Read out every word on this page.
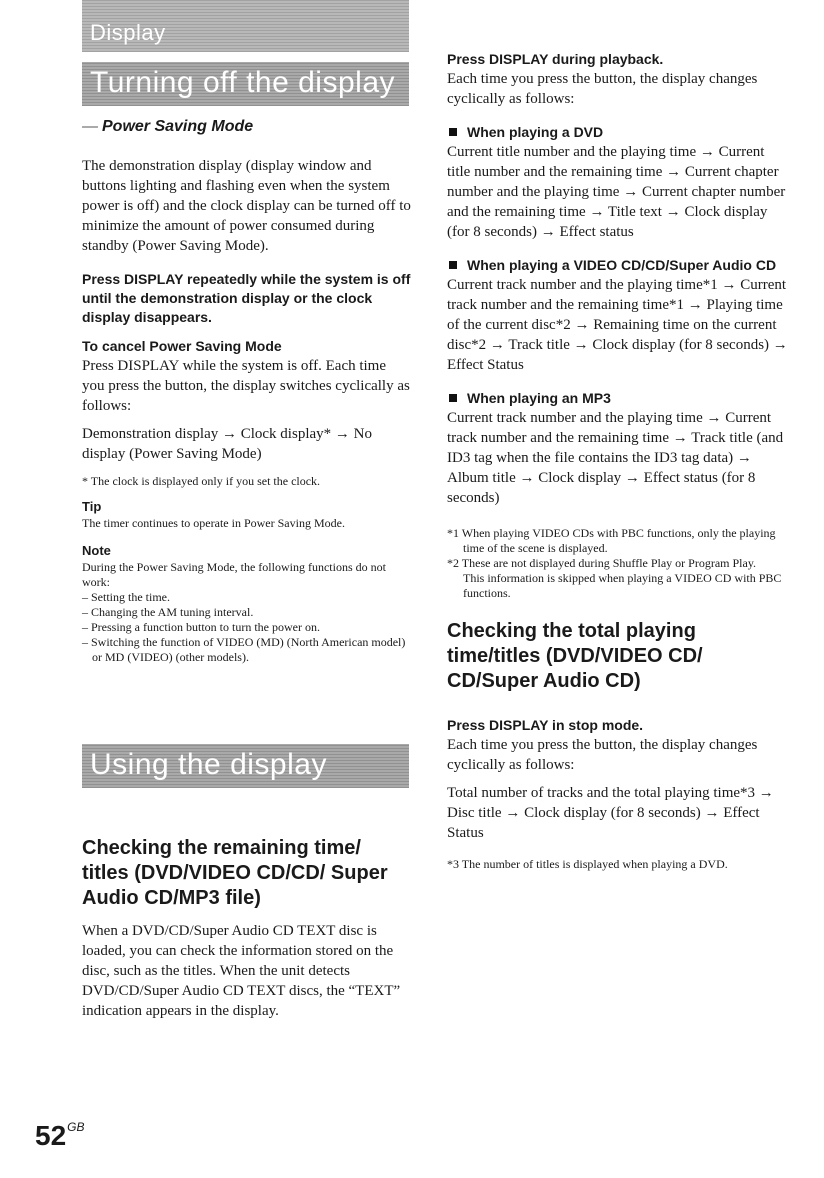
Display
Turning off the display
— Power Saving Mode

The demonstration display (display window and buttons lighting and flashing even when the system power is off) and the clock display can be turned off to minimize the amount of power consumed during standby (Power Saving Mode).

Press DISPLAY repeatedly while the system is off until the demonstration display or the clock display disappears.

To cancel Power Saving Mode

Press DISPLAY while the system is off. Each time you press the button, the display switches cyclically as follows:

Demonstration display → Clock display* → No display (Power Saving Mode)

* The clock is displayed only if you set the clock.

Tip

The timer continues to operate in Power Saving Mode.

Note

During the Power Saving Mode, the following functions do not work:

– Setting the time.
– Changing the AM tuning interval.
– Pressing a function button to turn the power on.
– Switching the function of VIDEO (MD) (North American model) or MD (VIDEO) (other models).
Using the display

Checking the remaining time/ titles (DVD/VIDEO CD/CD/ Super Audio CD/MP3 file)

When a DVD/CD/Super Audio CD TEXT disc is loaded, you can check the information stored on the disc, such as the titles. When the unit detects DVD/CD/Super Audio CD TEXT discs, the “TEXT” indication appears in the display.

Press DISPLAY during playback.

Each time you press the button, the display changes cyclically as follows:

When playing a DVD

Current title number and the playing time → Current title number and the remaining time → Current chapter number and the playing time → Current chapter number and the remaining time → Title text → Clock display (for 8 seconds) → Effect status

When playing a VIDEO CD/CD/Super Audio CD

Current track number and the playing time*1 → Current track number and the remaining time*1 → Playing time of the current disc*2 → Remaining time on the current disc*2 → Track title → Clock display (for 8 seconds) → Effect Status

When playing an MP3

Current track number and the playing time → Current track number and the remaining time → Track title (and ID3 tag when the file contains the ID3 tag data) → Album title → Clock display → Effect status (for 8 seconds)

*1 When playing VIDEO CDs with PBC functions, only the playing time of the scene is displayed.

*2 These are not displayed during Shuffle Play or Program Play.

This information is skipped when playing a VIDEO CD with PBC functions.

Checking the total playing time/titles (DVD/VIDEO CD/ CD/Super Audio CD)

Press DISPLAY in stop mode.

Each time you press the button, the display changes cyclically as follows:

Total number of tracks and the total playing time*3 → Disc title → Clock display (for 8 seconds) → Effect Status

*3 The number of titles is displayed when playing a DVD.

$52^{GB}$
